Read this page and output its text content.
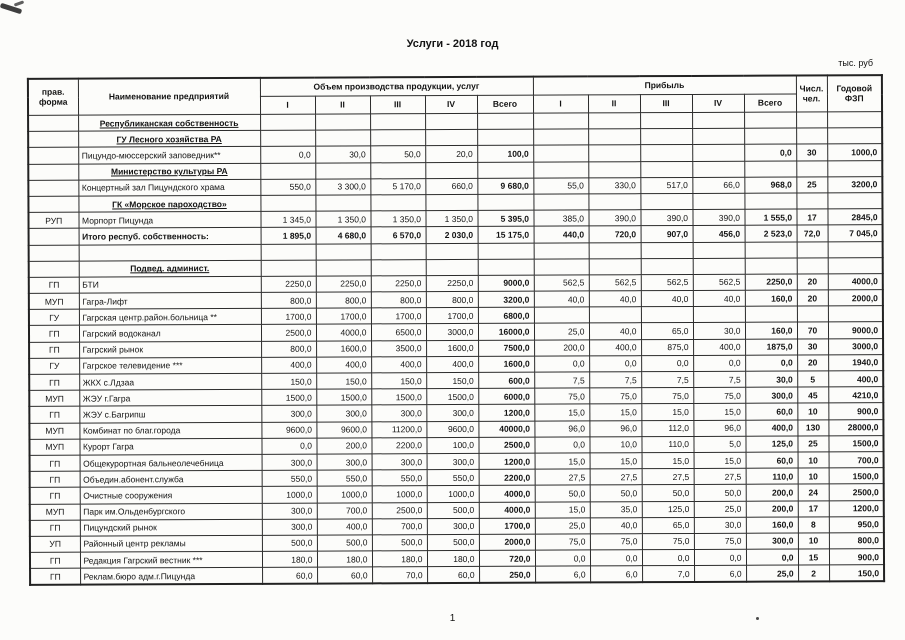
Услуги - 2018 год
тыс. руб
прав. форма	Наименование предприятий	Объем производства продукции, услуг					Прибыль					Числ. чел.	Годовой ФЗП
		I	II	III	IV	Всего	I	II	III	IV	Всего		
	Республиканская собственность												
	ГУ Лесного хозяйства РА												
	Пицундо-мюссерский заповедник**	0,0	30,0	50,0	20,0	100,0					0,0	30	1000,0
	Министерство культуры РА												
	Концертный зал Пицундского храма	550,0	3 300,0	5 170,0	660,0	9 680,0	55,0	330,0	517,0	66,0	968,0	25	3200,0
	ГК «Морское пароходство»												
РУП	Морпорт Пицунда	1 345,0	1 350,0	1 350,0	1 350,0	5 395,0	385,0	390,0	390,0	390,0	1 555,0	17	2845,0
	Итого респуб. собственность:	1 895,0	4 680,0	6 570,0	2 030,0	15 175,0	440,0	720,0	907,0	456,0	2 523,0	72,0	7 045,0

	Подвед. админист.												
ГП	БТИ	2250,0	2250,0	2250,0	2250,0	9000,0	562,5	562,5	562,5	562,5	2250,0	20	4000,0
МУП	Гагра-Лифт	800,0	800,0	800,0	800,0	3200,0	40,0	40,0	40,0	40,0	160,0	20	2000,0
ГУ	Гагрская центр.район.больница **	1700,0	1700,0	1700,0	1700,0	6800,0							
ГП	Гагрский водоканал	2500,0	4000,0	6500,0	3000,0	16000,0	25,0	40,0	65,0	30,0	160,0	70	9000,0
ГП	Гагрский рынок	800,0	1600,0	3500,0	1600,0	7500,0	200,0	400,0	875,0	400,0	1875,0	30	3000,0
ГУ	Гагрское телевидение ***	400,0	400,0	400,0	400,0	1600,0	0,0	0,0	0,0	0,0	0,0	20	1940,0
ГП	ЖКХ с.Лдзаа	150,0	150,0	150,0	150,0	600,0	7,5	7,5	7,5	7,5	30,0	5	400,0
МУП	ЖЭУ г.Гагра	1500,0	1500,0	1500,0	1500,0	6000,0	75,0	75,0	75,0	75,0	300,0	45	4210,0
ГП	ЖЭУ с.Багрипш	300,0	300,0	300,0	300,0	1200,0	15,0	15,0	15,0	15,0	60,0	10	900,0
МУП	Комбинат по благ.города	9600,0	9600,0	11200,0	9600,0	40000,0	96,0	96,0	112,0	96,0	400,0	130	28000,0
МУП	Курорт Гагра	0,0	200,0	2200,0	100,0	2500,0	0,0	10,0	110,0	5,0	125,0	25	1500,0
ГП	Общекурортная бальнеолечебница	300,0	300,0	300,0	300,0	1200,0	15,0	15,0	15,0	15,0	60,0	10	700,0
ГП	Объедин.абонент.служба	550,0	550,0	550,0	550,0	2200,0	27,5	27,5	27,5	27,5	110,0	10	1500,0
ГП	Очистные сооружения	1000,0	1000,0	1000,0	1000,0	4000,0	50,0	50,0	50,0	50,0	200,0	24	2500,0
МУП	Парк им.Ольденбургского	300,0	700,0	2500,0	500,0	4000,0	15,0	35,0	125,0	25,0	200,0	17	1200,0
ГП	Пицундский рынок	300,0	400,0	700,0	300,0	1700,0	25,0	40,0	65,0	30,0	160,0	8	950,0
УП	Районный центр рекламы	500,0	500,0	500,0	500,0	2000,0	75,0	75,0	75,0	75,0	300,0	10	800,0
ГП	Редакция Гагрский вестник ***	180,0	180,0	180,0	180,0	720,0	0,0	0,0	0,0	0,0	0,0	15	900,0
ГП	Реклам.бюро адм.г.Пицунда	60,0	60,0	70,0	60,0	250,0	6,0	6,0	7,0	6,0	25,0	2	150,0
1
